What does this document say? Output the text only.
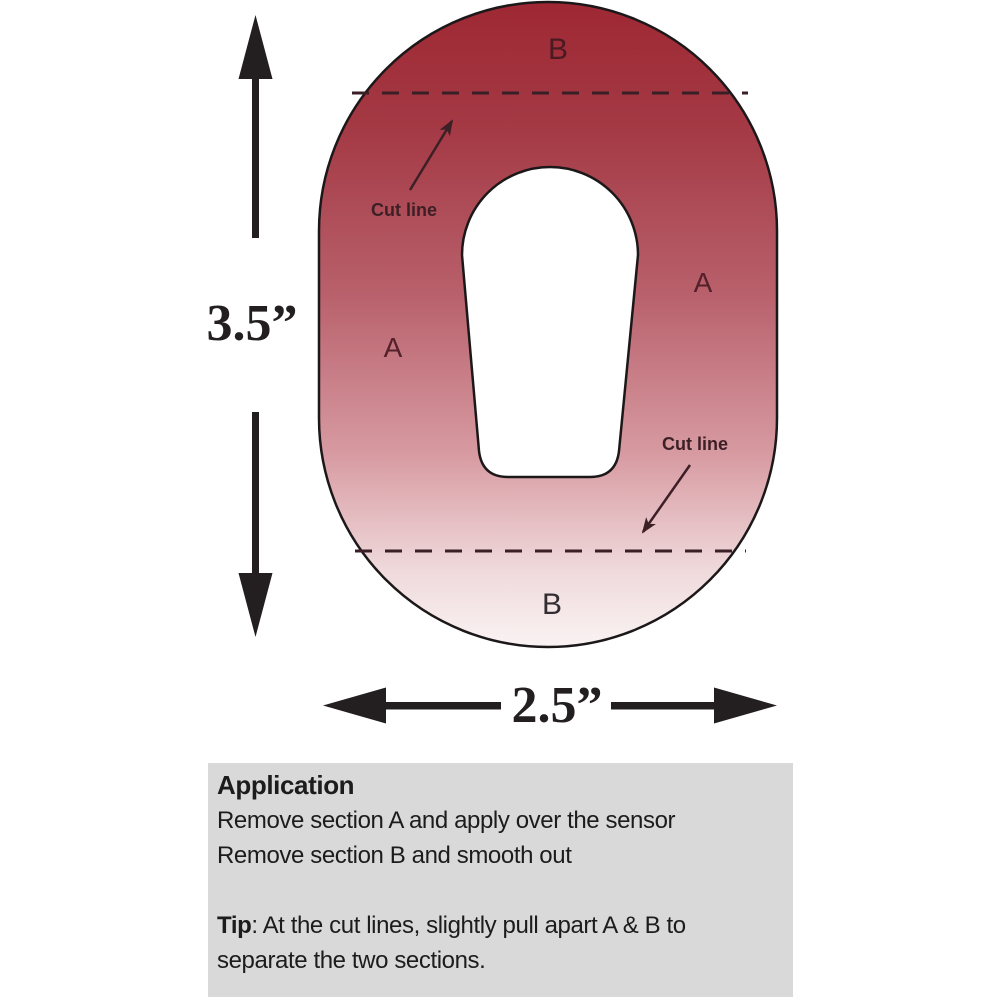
B
A
A
B
Cut line
Cut line
3.5”
2.5”

Application

Remove section A and apply over the sensor

Remove section B and smooth out

Tip: At the cut lines, slightly pull apart A & B to

separate the two sections.
